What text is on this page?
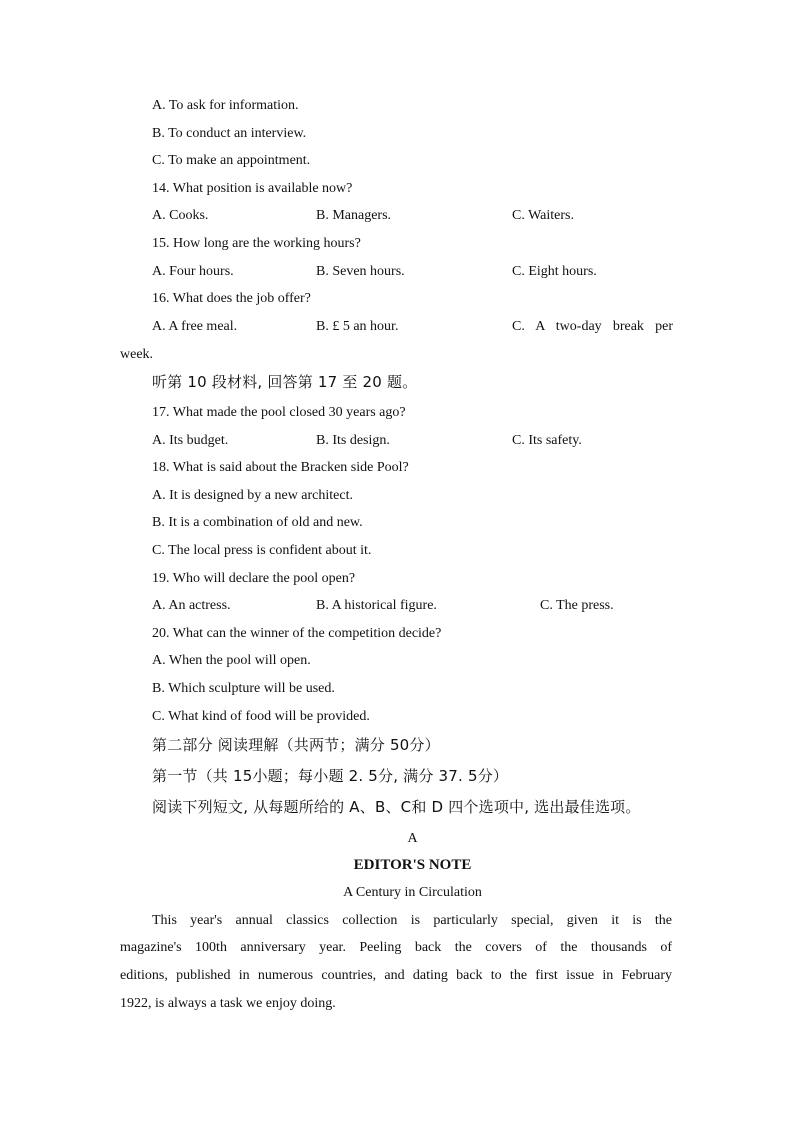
A. To ask for information.
B. To conduct an interview.
C. To make an appointment.
14. What position is available now?
A. Cooks.	B. Managers.	C. Waiters.
15. How long are the working hours?
A. Four hours.	B. Seven hours.	C. Eight hours.
16. What does the job offer?
A. A free meal.	B. £ 5 an hour.	C. A two-day break per
week.
听第 10 段材料, 回答第 17 至 20 题。
17. What made the pool closed 30 years ago?
A. Its budget.	B. Its design.	C. Its safety.
18. What is said about the Bracken side Pool?
A. It is designed by a new architect.
B. It is a combination of old and new.
C. The local press is confident about it.
19. Who will declare the pool open?
A. An actress.	B. A historical figure.	C. The press.
20. What can the winner of the competition decide?
A. When the pool will open.
B. Which sculpture will be used.
C. What kind of food will be provided.
第二部分 阅读理解（共两节；满分 50分）
第一节（共 15小题；每小题 2. 5分, 满分 37. 5分）
阅读下列短文, 从每题所给的 A、B、C和 D 四个选项中, 选出最佳选项。
A
EDITOR'S NOTE
A Century in Circulation
This year's annual classics collection is particularly special, given it is the
magazine's 100th anniversary year. Peeling back the covers of the thousands of
editions, published in numerous countries, and dating back to the first issue in February
1922, is always a task we enjoy doing.
